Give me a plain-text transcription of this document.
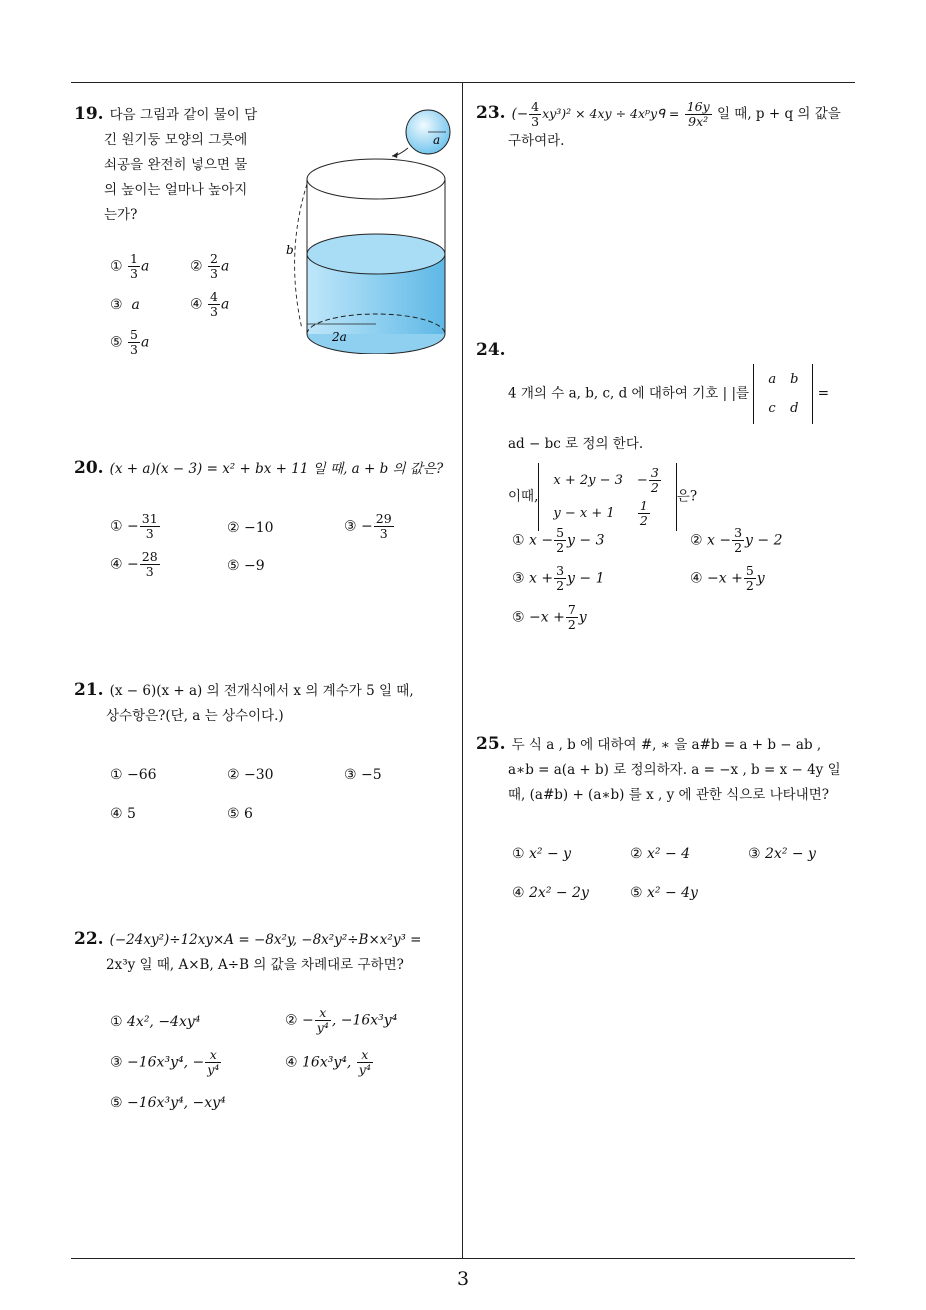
3
19. 다음 그림과 같이 물이 담
긴 원기둥 모양의 그릇에
쇠공을 완전히 넣으면 물
의 높이는 얼마나 높아지
는가?
① $\frac{1}{3}$ a	② $\frac{2}{3}$ a
③ a	④ $\frac{4}{3}$ a
⑤ $\frac{5}{3}$ a
a
2a
b
20. (x + a)(x − 3) = x² + bx + 11 일 때, a + b 의 값은?
① − $\frac{31}{3}$	② −10	③ − $\frac{29}{3}$
④ − $\frac{28}{3}$	⑤ −9
21. (x − 6)(x + a) 의 전개식에서 x 의 계수가 5 일 때,
상수항은?(단, a 는 상수이다.)
① −66	② −30	③ −5
④ 5	⑤ 6
22. (−24xy²)÷12xy×A = −8x²y, −8x²y²÷B×x²y³ =
2x³y 일 때, A×B, A÷B 의 값을 차례대로 구하면?
① 4x², −4xy⁴	② − $\frac{x}{\text{y⁴}}$ , −16x³y⁴
③ −16x³y⁴, − $\frac{x}{\text{y⁴}}$	④ 16x³y⁴, $\frac{x}{\text{y⁴}}$
⑤ −16x³y⁴, −xy⁴
23. (− $\frac{4}{3} xy^3)^2 \times 4xy$ ÷ 4xᵖyᑫ = $\frac{16y}{\text{9x²}}$ 일 때, p + q 의 값을
구하여라.
24.
4 개의 수 a, b, c, d 에 대하여 기호 | |를 a	b
c	d =
ad − bc 로 정의 한다.
이때,x + 2y − 3	− $\frac{3}{2}$

y − x + 1	$\frac{1}{2}$
은?
① $x - \frac{5}{2}$ y − 3	② $x - \frac{3}{2}$ y − 2
③ $x + \frac{3}{2}$ y − 1	④ $-x + \frac{5}{2}$ y
⑤ $-x + \frac{7}{2}$ y
25. 두 식 a , b 에 대하여 #, ∗ 을 a#b = a + b − ab ,
a∗b = a(a + b) 로 정의하자. a = −x , b = x − 4y 일
때, (a#b) + (a∗b) 를 x , y 에 관한 식으로 나타내면?
① x² − y	② x² − 4	③ 2x² − y
④ 2x² − 2y	⑤ x² − 4y
